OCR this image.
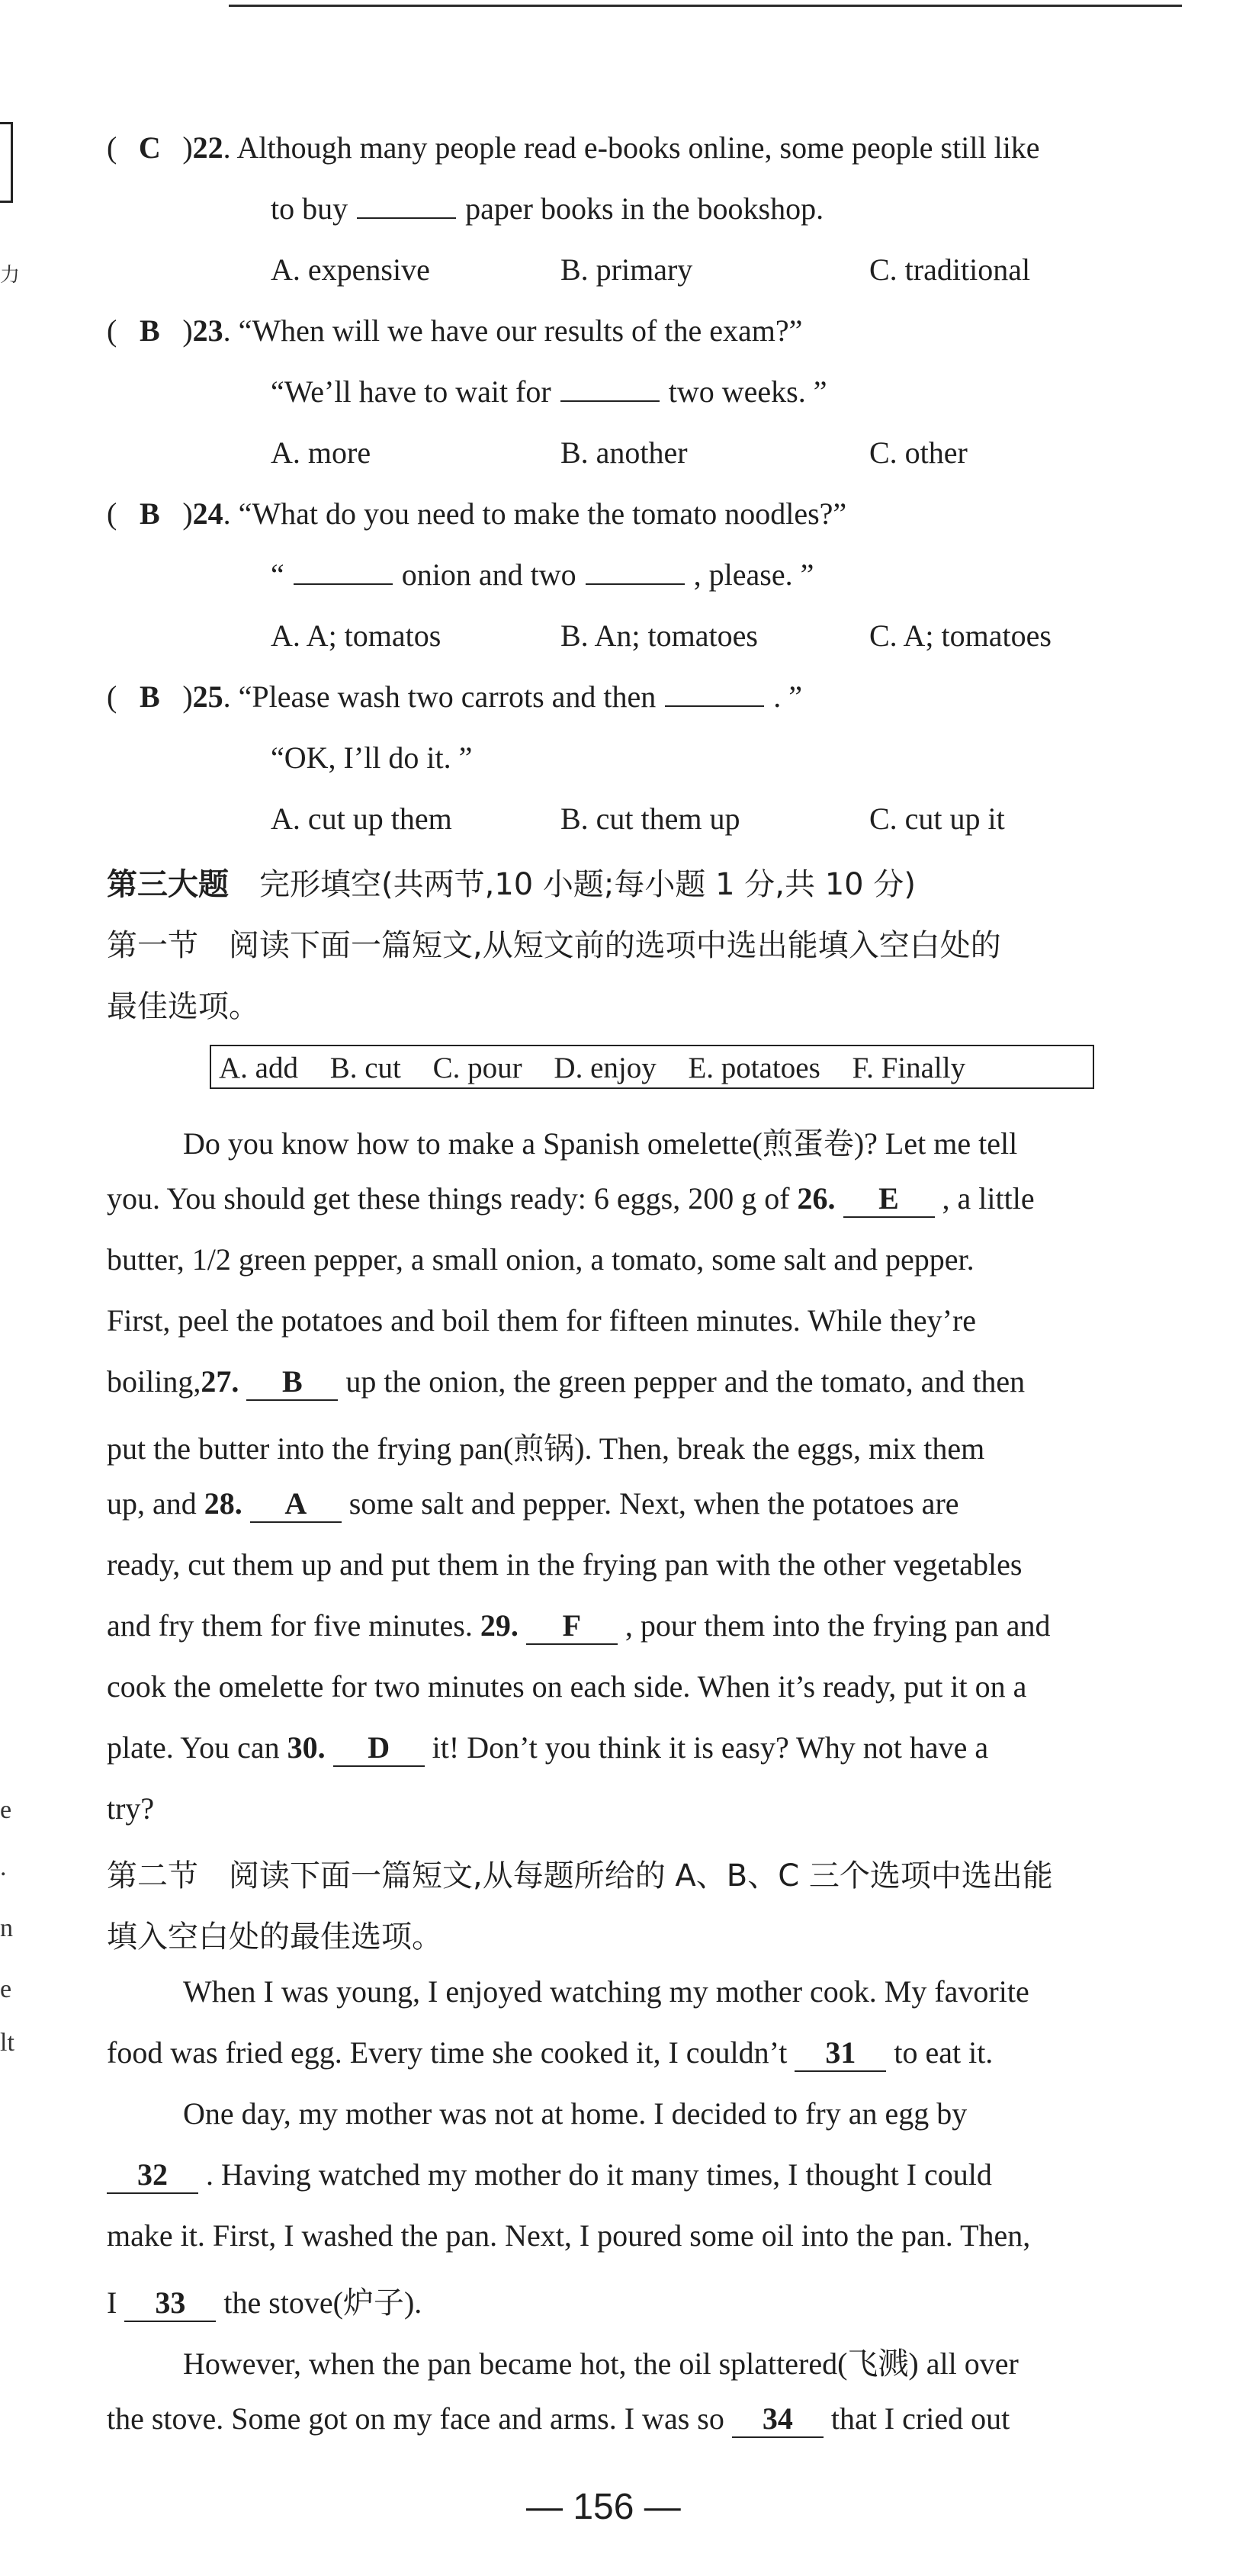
力
e
.
n
e
lt
( C )22. Although many people read e-books online, some people still like
to buy	paper books in the bookshop.
A. expensive	B. primary	C. traditional
( B )23. “When will we have our results of the exam?”
“We’ll have to wait for	two weeks. ”
A. more	B. another	C. other
( B )24. “What do you need to make the tomato noodles?”
“	onion and two	, please. ”
A. A; tomatos	B. An; tomatoes	C. A; tomatoes
( B )25. “Please wash two carrots and then	. ”
“OK, I’ll do it. ”
A. cut up them	B. cut them up	C. cut up it
第三大题　 完形填空(共两节,10 小题;每小题 1 分,共 10 分)
第一节　阅读下面一篇短文,从短文前的选项中选出能填入空白处的
最佳选项。
A. add B. cut C. pour D. enjoy E. potatoes F. Finally
Do you know how to make a Spanish omelette(煎蛋卷)? Let me tell
you. You should get these things ready: 6 eggs, 200 g of 26. E , a little
butter, 1/2 green pepper, a small onion, a tomato, some salt and pepper.
First, peel the potatoes and boil them for fifteen minutes. While they’re
boiling,27. B up the onion, the green pepper and the tomato, and then
put the butter into the frying pan(煎锅). Then, break the eggs, mix them
up, and 28. A some salt and pepper. Next, when the potatoes are
ready, cut them up and put them in the frying pan with the other vegetables
and fry them for five minutes. 29. F , pour them into the frying pan and
cook the omelette for two minutes on each side. When it’s ready, put it on a
plate. You can 30. D it! Don’t you think it is easy? Why not have a
try?
第二节　阅读下面一篇短文,从每题所给的 A、B、C 三个选项中选出能
填入空白处的最佳选项。
When I was young, I enjoyed watching my mother cook. My favorite
food was fried egg. Every time she cooked it, I couldn’t 31 to eat it.
One day, my mother was not at home. I decided to fry an egg by
32 . Having watched my mother do it many times, I thought I could
make it. First, I washed the pan. Next, I poured some oil into the pan. Then,
I 33 the stove(炉子).
However, when the pan became hot, the oil splattered(飞溅) all over
the stove. Some got on my face and arms. I was so 34 that I cried out
— 156 —
